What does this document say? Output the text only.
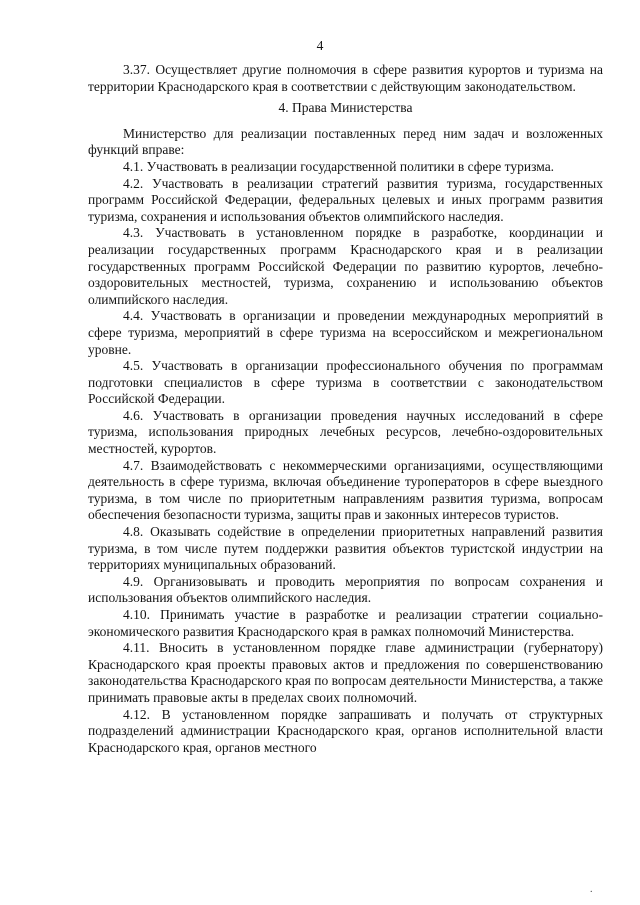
4

3.37. Осуществляет другие полномочия в сфере развития курортов и туризма на территории Краснодарского края в соответствии с действующим законодательством.

4. Права Министерства

Министерство для реализации поставленных перед ним задач и возложенных функций вправе:

4.1. Участвовать в реализации государственной политики в сфере туризма.

4.2. Участвовать в реализации стратегий развития туризма, государственных программ Российской Федерации, федеральных целевых и иных программ развития туризма, сохранения и использования объектов олимпийского наследия.

4.3. Участвовать в установленном порядке в разработке, координации и реализации государственных программ Краснодарского края и в реализации государственных программ Российской Федерации по развитию курортов, лечебно-оздоровительных местностей, туризма, сохранению и использованию объектов олимпийского наследия.

4.4. Участвовать в организации и проведении международных мероприятий в сфере туризма, мероприятий в сфере туризма на всероссийском и межрегиональном уровне.

4.5. Участвовать в организации профессионального обучения по программам подготовки специалистов в сфере туризма в соответствии с законодательством Российской Федерации.

4.6. Участвовать в организации проведения научных исследований в сфере туризма, использования природных лечебных ресурсов, лечебно-оздоровительных местностей, курортов.

4.7. Взаимодействовать с некоммерческими организациями, осуществляющими деятельность в сфере туризма, включая объединение туроператоров в сфере выездного туризма, в том числе по приоритетным направлениям развития туризма, вопросам обеспечения безопасности туризма, защиты прав и законных интересов туристов.

4.8. Оказывать содействие в определении приоритетных направлений развития туризма, в том числе путем поддержки развития объектов туристской индустрии на территориях муниципальных образований.

4.9. Организовывать и проводить мероприятия по вопросам сохранения и использования объектов олимпийского наследия.

4.10. Принимать участие в разработке и реализации стратегии социально-экономического развития Краснодарского края в рамках полномочий Министерства.

4.11. Вносить в установленном порядке главе администрации (губернатору) Краснодарского края проекты правовых актов и предложения по совершенствованию законодательства Краснодарского края по вопросам деятельности Министерства, а также принимать правовые акты в пределах своих полномочий.

4.12. В установленном порядке запрашивать и получать от структурных подразделений администрации Краснодарского края, органов исполнительной власти Краснодарского края, органов местного

.
